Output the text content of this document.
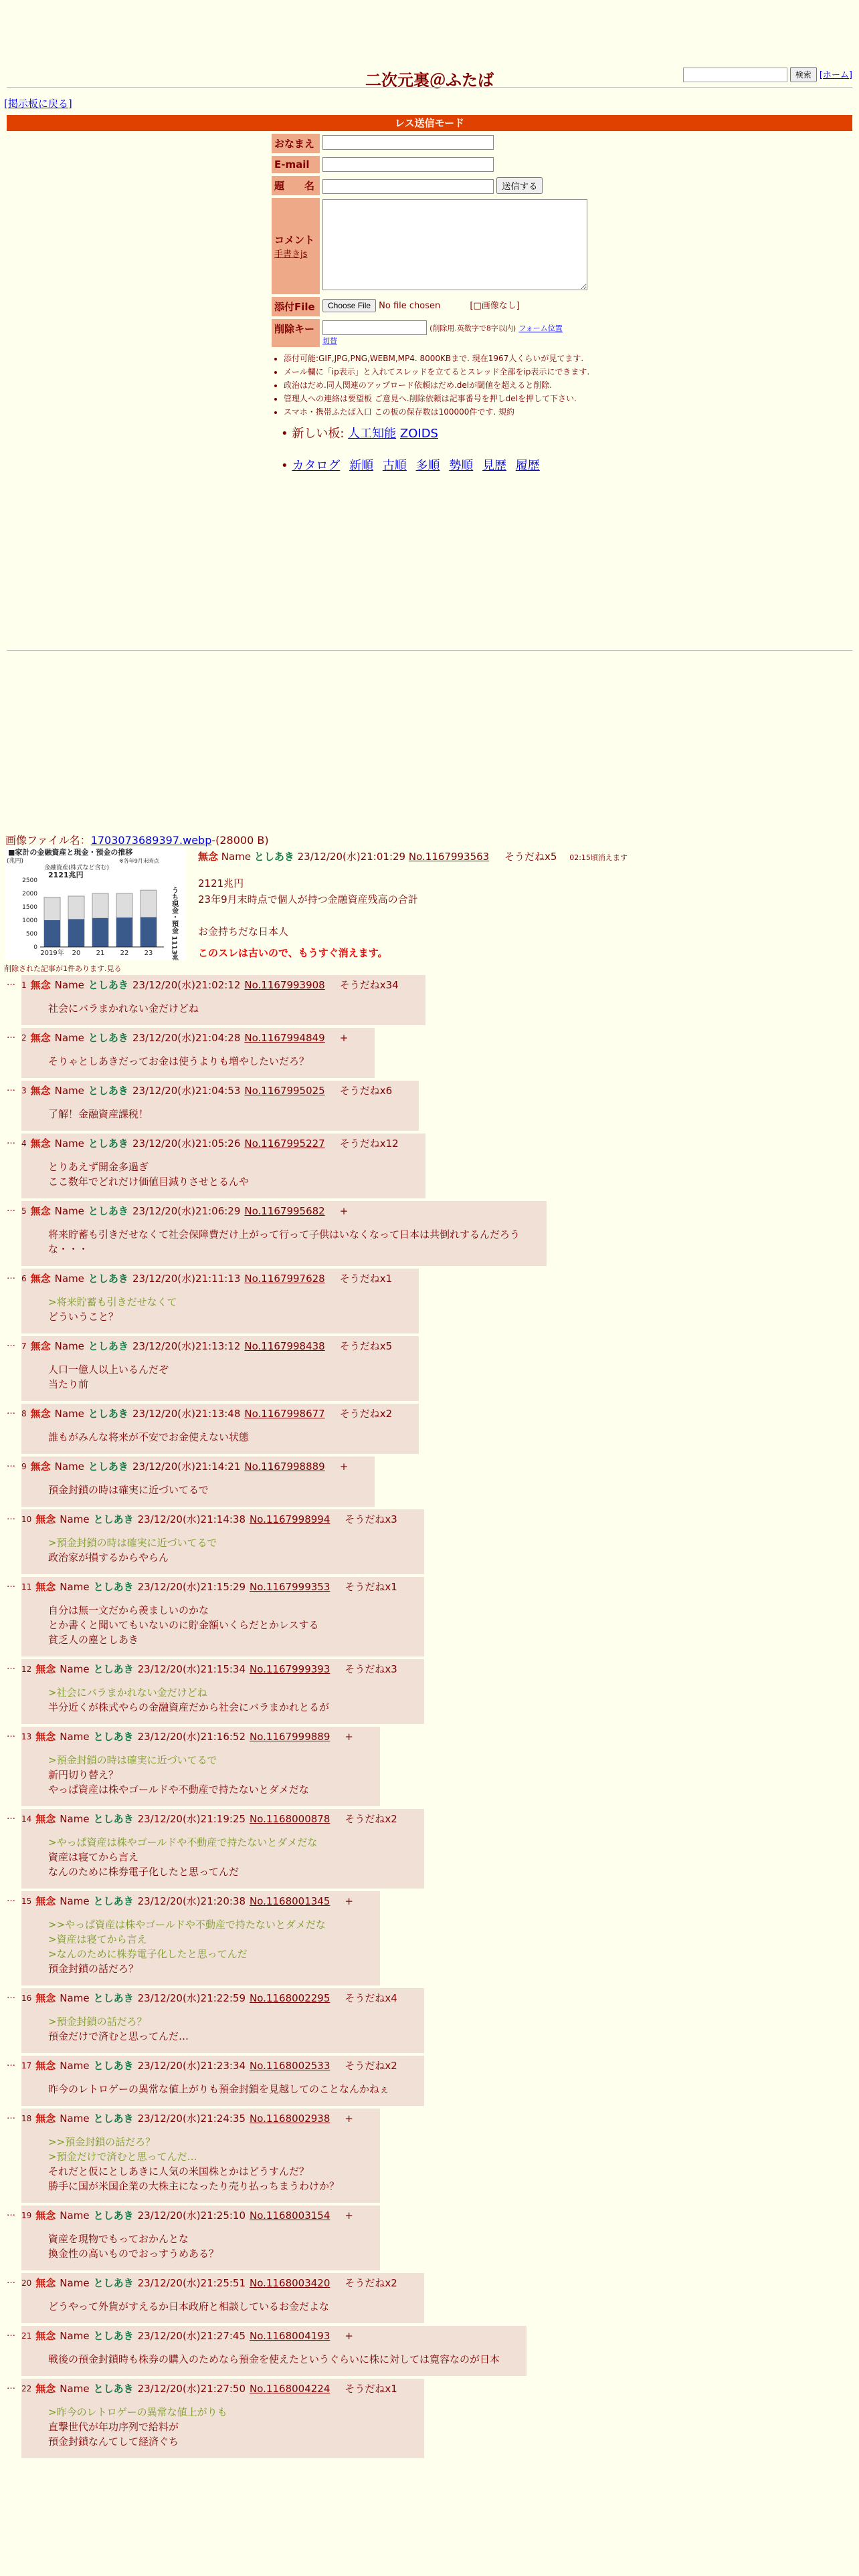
二次元裏＠ふたば	検索 [ホーム]
[掲示板に戻る]
レス送信モード
おなまえ
E-mail
題　　名	送信する
コメント
手書きjs
添付File	Choose File No file chosen	[□画像なし]
削除キー	(削除用.英数字で8字以内) フォーム位置
切替
• 添付可能:GIF,JPG,PNG,WEBM,MP4. 8000KBまで. 現在1967人くらいが見てます.
• メール欄に「ip表示」と入れてスレッドを立てるとスレッド全部をip表示にできます.
• 政治はだめ.同人関連のアップロード依頼はだめ.delが閾値を超えると削除.
• 管理人への連絡は要望板 ご意見へ.削除依頼は記事番号を押しdelを押して下さい.
• スマホ・携帯ふたば入口 この板の保存数は100000件です. 規約
• 新しい板: 人工知能 ZOIDS
• カタログ 新順 古順 多順 勢順 見歴 履歴
画像ファイル名：1703073689397.webp-(28000 B)
■家計の金融資産と現金・預金の推移
(兆円)	※各年9月末時点
金融資産(株式など含む)
2121兆円
うち現金・預金 1113兆円
0
500
1000
1500
2000
2500
2019年 20 21 22 23
無念 Name としあき 23/12/20(水)21:01:29 No.1167993563 そうだねx5 02:15頃消えます
2121兆円
23年9月末時点で個人が持つ金融資産残高の合計
お金持ちだな日本人
このスレは古いので、もうすぐ消えます。
削除された記事が1件あります.見る
… 1 無念 Name としあき 23/12/20(水)21:02:12 No.1167993908 そうだねx34
社会にバラまかれない金だけどね
… 2 無念 Name としあき 23/12/20(水)21:04:28 No.1167994849 +
そりゃとしあきだってお金は使うよりも増やしたいだろ？
… 3 無念 Name としあき 23/12/20(水)21:04:53 No.1167995025 そうだねx6
了解！金融資産課税！
… 4 無念 Name としあき 23/12/20(水)21:05:26 No.1167995227 そうだねx12
とりあえず開金多過ぎ
ここ数年でどれだけ価値目減りさせとるんや
… 5 無念 Name としあき 23/12/20(水)21:06:29 No.1167995682 +
将来貯蓄も引きだせなくて社会保障費だけ上がって行って子供はいなくなって日本は共倒れするんだろう
な・・・
… 6 無念 Name としあき 23/12/20(水)21:11:13 No.1167997628 そうだねx1
>将来貯蓄も引きだせなくて
どういうこと？
… 7 無念 Name としあき 23/12/20(水)21:13:12 No.1167998438 そうだねx5
人口一億人以上いるんだぞ
当たり前
… 8 無念 Name としあき 23/12/20(水)21:13:48 No.1167998677 そうだねx2
誰もがみんな将来が不安でお金使えない状態
… 9 無念 Name としあき 23/12/20(水)21:14:21 No.1167998889 +
預金封鎖の時は確実に近づいてるで
… 10 無念 Name としあき 23/12/20(水)21:14:38 No.1167998994 そうだねx3
>預金封鎖の時は確実に近づいてるで
政治家が損するからやらん
… 11 無念 Name としあき 23/12/20(水)21:15:29 No.1167999353 そうだねx1
自分は無一文だから羨ましいのかな
とか書くと聞いてもいないのに貯金額いくらだとかレスする
貧乏人の塵としあき
… 12 無念 Name としあき 23/12/20(水)21:15:34 No.1167999393 そうだねx3
>社会にバラまかれない金だけどね
半分近くが株式やらの金融資産だから社会にバラまかれとるが
… 13 無念 Name としあき 23/12/20(水)21:16:52 No.1167999889 +
>預金封鎖の時は確実に近づいてるで
新円切り替え？
やっぱ資産は株やゴールドや不動産で持たないとダメだな
… 14 無念 Name としあき 23/12/20(水)21:19:25 No.1168000878 そうだねx2
>やっぱ資産は株やゴールドや不動産で持たないとダメだな
資産は寝てから言え
なんのために株券電子化したと思ってんだ
… 15 無念 Name としあき 23/12/20(水)21:20:38 No.1168001345 +
>>やっぱ資産は株やゴールドや不動産で持たないとダメだな
>資産は寝てから言え
>なんのために株券電子化したと思ってんだ
預金封鎖の話だろ？
… 16 無念 Name としあき 23/12/20(水)21:22:59 No.1168002295 そうだねx4
>預金封鎖の話だろ？
預金だけで済むと思ってんだ…
… 17 無念 Name としあき 23/12/20(水)21:23:34 No.1168002533 そうだねx2
昨今のレトロゲーの異常な値上がりも預金封鎖を見越してのことなんかねぇ
… 18 無念 Name としあき 23/12/20(水)21:24:35 No.1168002938 +
>>預金封鎖の話だろ？
>預金だけで済むと思ってんだ…
それだと仮にとしあきに人気の米国株とかはどうすんだ？
勝手に国が米国企業の大株主になったり売り払っちまうわけか？
… 19 無念 Name としあき 23/12/20(水)21:25:10 No.1168003154 +
資産を現物でもっておかんとな
換金性の高いものでおっすうめある？
… 20 無念 Name としあき 23/12/20(水)21:25:51 No.1168003420 そうだねx2
どうやって外貨がすえるか日本政府と相談しているお金だよな
… 21 無念 Name としあき 23/12/20(水)21:27:45 No.1168004193 +
戦後の預金封鎖時も株券の購入のためなら預金を使えたというぐらいに株に対しては寛容なのが日本
… 22 無念 Name としあき 23/12/20(水)21:27:50 No.1168004224 そうだねx1
>昨今のレトロゲーの異常な値上がりも
直撃世代が年功序列で給料が
預金封鎖なんてして経済ぐち
